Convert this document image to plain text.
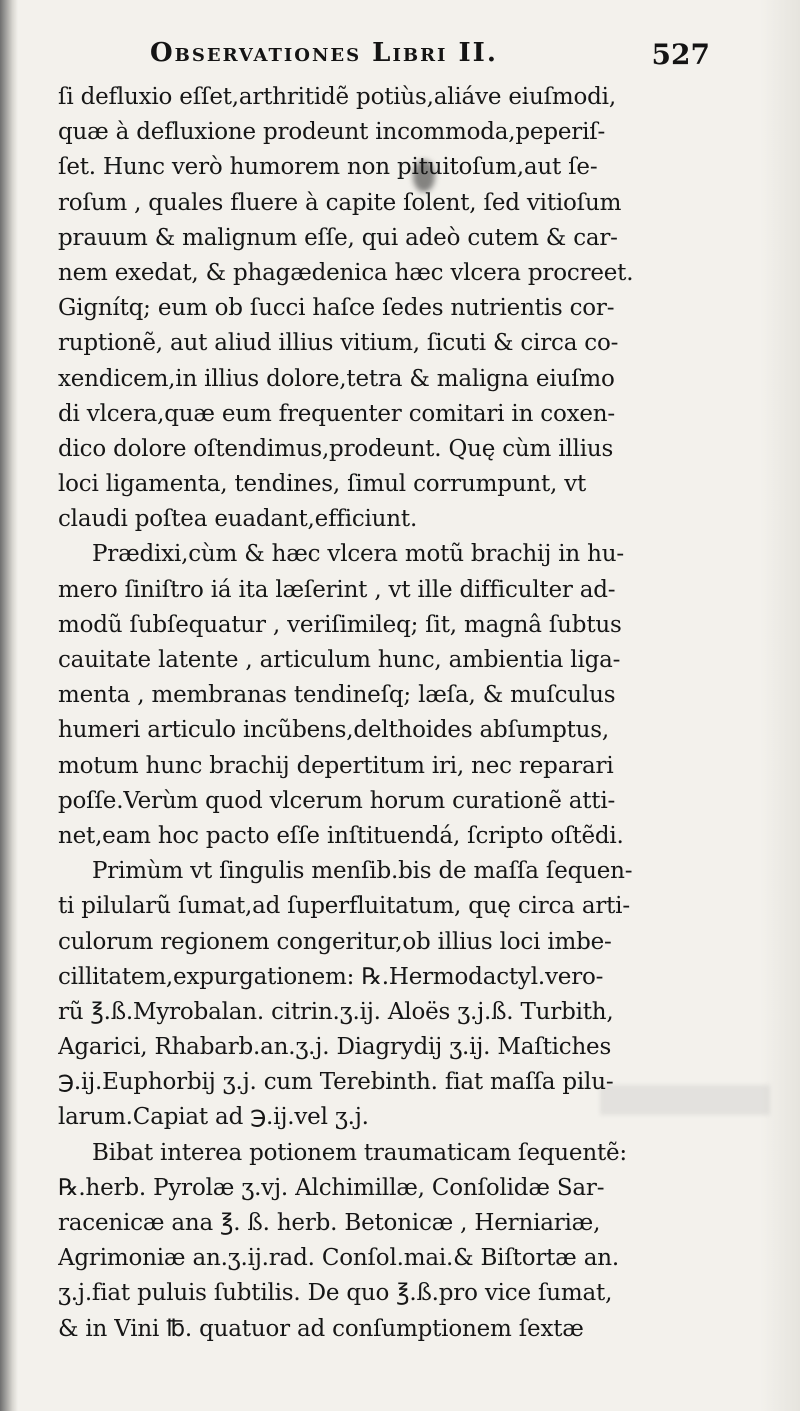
Observationes Libri II.	527
ſi defluxio eſſet,arthritidẽ potiùs,aliáve eiuſmodi,
quæ à defluxione prodeunt incommoda,peperiſ-
ſet. Hunc verò humorem non pituitoſum,aut ſe-
roſum , quales fluere à capite ſolent, ſed vitioſum
prauum & malignum eſſe, qui adeò cutem & car-
nem exedat, & phagædenica hæc vlcera procreet.
Gignítq; eum ob ſucci haſce ſedes nutrientis cor-
ruptionẽ, aut aliud illius vitium, ſicuti & circa co-
xendicem,in illius dolore,tetra & maligna eiuſmo
di vlcera,quæ eum frequenter comitari in coxen-
dico dolore oſtendimus,prodeunt. Quę cùm illius
loci ligamenta, tendines, ſimul corrumpunt, vt
claudi poſtea euadant,efficiunt.
Prædixi,cùm & hæc vlcera motũ brachij in hu-
mero ſiniſtro iá ita læſerint , vt ille difficulter ad-
modũ ſubſequatur , veriſimileq; ſit, magnâ ſubtus
cauitate latente , articulum hunc, ambientia liga-
menta , membranas tendineſq; læſa, & muſculus
humeri articulo incũbens,delthoides abſumptus,
motum hunc brachij depertitum iri, nec reparari
poſſe.Verùm quod vlcerum horum curationẽ atti-
net,eam hoc pacto eſſe inſtituendá, ſcripto oſtẽdi.
Primùm vt ſingulis menſib.bis de maſſa ſequen-
ti pilularũ ſumat,ad ſuperfluitatum, quę circa arti-
culorum regionem congeritur,ob illius loci imbe-
cillitatem,expurgationem: ℞.Hermodactyl.vero-
rũ ℥.ß.Myrobalan. citrin.ʒ.ij. Aloës ʒ.j.ß. Turbith,
Agarici, Rhabarb.an.ʒ.j. Diagrydij ʒ.ij. Maſtiches
℈.ij.Euphorbij ʒ.j. cum Terebinth. fiat maſſa pilu-
larum.Capiat ad ℈.ij.vel ʒ.j.
Bibat interea potionem traumaticam ſequentẽ:
℞.herb. Pyrolæ ʒ.vj. Alchimillæ, Conſolidæ Sar-
racenicæ ana ℥. ß. herb. Betonicæ , Herniariæ,
Agrimoniæ an.ʒ.ij.rad. Conſol.mai.& Biſtortæ an.
ʒ.j.fiat puluis ſubtilis. De quo ℥.ß.pro vice ſumat,
& in Vini ℔. quatuor ad conſumptionem ſextæ
